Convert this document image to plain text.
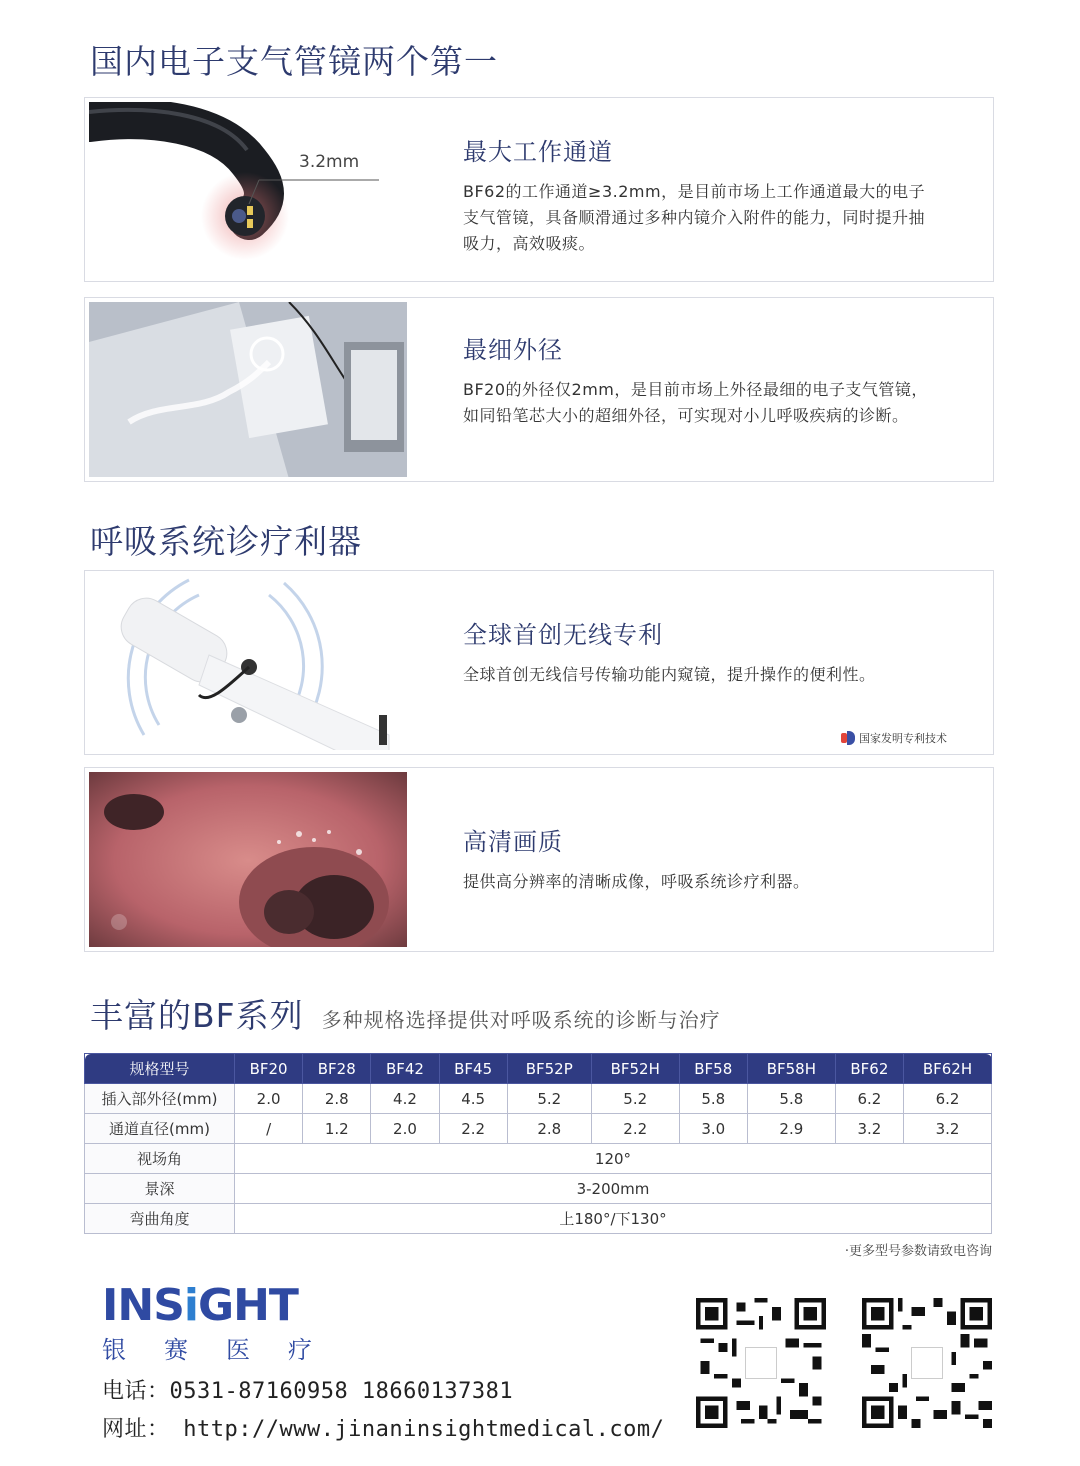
国内电子支气管镜两个第一
3.2mm	最大工作通道

BF62的工作通道≥3.2mm，是目前市场上工作通道最大的电子支气管镜，具备顺滑通过多种内镜介入附件的能力，同时提升抽吸力，高效吸痰。

最细外径

BF20的外径仅2mm，是目前市场上外径最细的电子支气管镜，如同铅笔芯大小的超细外径，可实现对小儿呼吸疾病的诊断。

呼吸系统诊疗利器
全球首创无线专利

全球首创无线信号传输功能内窥镜，提升操作的便利性。

国家发明专利技术
高清画质

提供高分辨率的清晰成像，呼吸系统诊疗利器。

丰富的BF系列 多种规格选择提供对呼吸系统的诊断与治疗
规格型号	BF20	BF28	BF42	BF45	BF52P	BF52H	BF58	BF58H	BF62	BF62H
插入部外径(mm)	2.0	2.8	4.2	4.5	5.2	5.2	5.8	5.8	6.2	6.2
通道直径(mm)	/	1.2	2.0	2.2	2.8	2.2	3.0	2.9	3.2	3.2
视场角	120°									
景深	3-200mm									
弯曲角度	上180°/下130°									
·更多型号参数请致电咨询
INSiGHT
银赛医疗
电话：0531-87160958 18660137381
网址： http://www.jinaninsightmedical.com/
